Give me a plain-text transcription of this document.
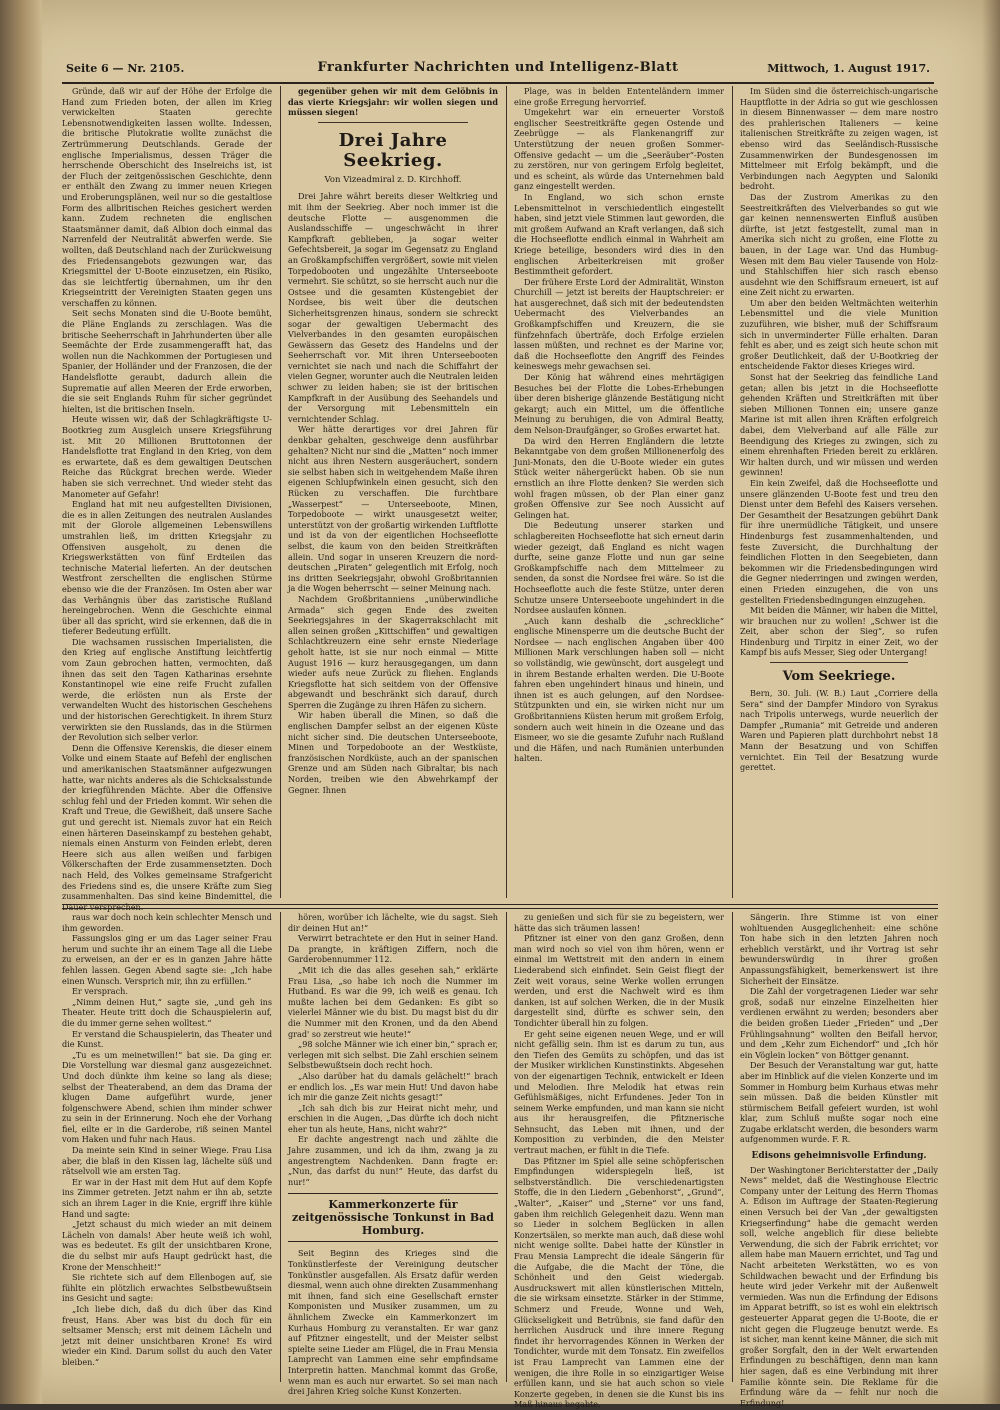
Seite 6 — Nr. 2105.	Frankfurter Nachrichten und Intelligenz-Blatt	Mittwoch, 1. August 1917.

Gründe, daß wir auf der Höhe der Erfolge die Hand zum Frieden boten, der allen im Krieg verwickelten Staaten gerechte Lebensnotwendigkeiten lassen wollte. Indessen, die britische Plutokratie wollte zunächst die Zertrümmerung Deutschlands. Gerade der englische Imperialismus, dessen Träger die herrschende Oberschicht des Inselreichs ist, ist der Fluch der zeitgenössischen Geschichte, denn er enthält den Zwang zu immer neuen Kriegen und Eroberungsplänen, weil nur so die gestaltlose Form des allbritischen Reiches gesichert werden kann. Zudem rechneten die englischen Staatsmänner damit, daß Albion doch einmal das Narrenfeld der Neutralität abwerfen werde. Sie wollten, daß Deutschland nach der Zurückweisung des Friedensangebots gezwungen war, das Kriegsmittel der U-Boote einzusetzen, ein Risiko, das sie leichtfertig übernahmen, um ihr den Kriegseintritt der Vereinigten Staaten gegen uns verschaffen zu können.

Seit sechs Monaten sind die U-Boote bemüht, die Pläne Englands zu zerschlagen. Was die britische Seeherrschaft in Jahrhunderten über alle Seemächte der Erde zusammengerafft hat, das wollen nun die Nachkommen der Portugiesen und Spanier, der Holländer und der Franzosen, die der Handelsflotte geraubt, dadurch allein die Suprematie auf allen Meeren der Erde erworben, die sie seit Englands Ruhm für sicher gegründet hielten, ist die britischen Inseln.

Heute wissen wir, daß der Schlagkräftigste U-Bootkrieg zum Ausgleich unsere Kriegsführung ist. Mit 20 Millionen Bruttotonnen der Handelsflotte trat England in den Krieg, von dem es erwartete, daß es dem gewaltigen Deutschen Reiche das Rückgrat brechen werde. Wieder haben sie sich verrechnet. Und wieder steht das Manometer auf Gefahr!

England hat mit neu aufgestellten Divisionen, die es in allen Zeitungen des neutralen Auslandes mit der Glorole allgemeinen Lebenswillens umstrahlen ließ, im dritten Kriegsjahr zu Offensiven ausgeholt, zu denen die Kriegswerkstätten von fünf Erdteilen das technische Material lieferten. An der deutschen Westfront zerschellten die englischen Stürme ebenso wie die der Französen. Im Osten aber war das Verhängnis über das zaristische Rußland hereingebrochen. Wenn die Geschichte einmal über all das spricht, wird sie erkennen, daß die in tieferer Bedeutung erfüllt.

Die wachsamen russischen Imperialisten, die den Krieg auf englische Anstiftung leichtfertig vom Zaun gebrochen hatten, vermochten, daß ihnen das seit den Tagen Katharinas ersehnte Konstantinopel wie eine reife Frucht zufallen werde, die erlösten nun als Erste der verwandelten Wucht des historischen Geschehens und der historischen Gerechtigkeit. In ihrem Sturz verwirkten sie den Russlands, das in die Stürmen der Revolution sich selber verlor.

Denn die Offensive Kerenskis, die dieser einem Volke und einem Staate auf Befehl der englischen und amerikanischen Staatsmänner aufgezwungen hatte, war nichts anderes als die Schicksalsstunde der kriegführenden Mächte. Aber die Offensive schlug fehl und der Frieden kommt. Wir sehen die Kraft und Treue, die Gewißheit, daß unsere Sache gut und gerecht ist. Niemals zuvor hat ein Reich einen härteren Daseinskampf zu bestehen gehabt, niemals einen Ansturm von Feinden erlebt, deren Heere sich aus allen weißen und farbigen Völkerschaften der Erde zusammensetzten. Doch nach Held, des Volkes gemeinsame Strafgericht des Friedens sind es, die unsere Kräfte zum Sieg zusammenhalten. Das sind keine Bindemittel, die Dauer versprechen.

gegenüber gehen wir mit dem Gelöbnis in das vierte Kriegsjahr: wir wollen siegen und müssen siegen!

Drei Jahre Seekrieg.
Von Vizeadmiral z. D. Kirchhoff.

Drei Jahre währt bereits dieser Weltkrieg und mit ihm der Seekrieg. Aber noch immer ist die deutsche Flotte — ausgenommen die Auslandsschiffe — ungeschwächt in ihrer Kampfkraft geblieben, ja sogar weiter Gefechtsbereit, ja sogar im Gegensatz zu England an Großkampfschiffen vergrößert, sowie mit vielen Torpedobooten und ungezählte Unterseeboote vermehrt. Sie schützt, so sie herrscht auch nur die Ostsee und die gesamten Küstengebiet der Nordsee, bis weit über die deutschen Sicherheitsgrenzen hinaus, sondern sie schreckt sogar der gewaltigen Uebermacht des Vielverbandes in den gesamten europäischen Gewässern das Gesetz des Handelns und der Seeherrschaft vor. Mit ihren Unterseebooten vernichtet sie nach und nach die Schiffahrt der vielen Gegner, worunter auch die Neutralen leiden schwer zu leiden haben; sie ist der britischen Kampfkraft in der Ausübung des Seehandels und der Versorgung mit Lebensmitteln ein vernichtender Schlag.

Wer hätte derartiges vor drei Jahren für denkbar gehalten, geschweige denn ausführbar gehalten? Nicht nur sind die „Matten“ noch immer nicht aus ihren Nestern ausgeräuchert, sondern sie selbst haben sich in weitgehendem Maße ihren eigenen Schlupfwinkeln einen gesucht, sich den Rücken zu verschaffen. Die furchtbare „Wasserpest“ — Unterseeboote, Minen, Torpedoboote — wirkt unausgesetzt weiter, unterstützt von der großartig wirkenden Luftflotte und ist da von der eigentlichen Hochseeflotte selbst, die kaum von den beiden Streitkräften allein. Und sogar in unseren Kreuzern die nord-deutschen „Piraten“ gelegentlich mit Erfolg, noch ins dritten Seekriegsjahr, obwohl Großbritannien ja die Wogen beherrscht — seiner Meinung nach.

Nachdem Großbritanniens „unüberwindliche Armada“ sich gegen Ende des zweiten Seekriegsjahres in der Skagerrakschlacht mit allen seinen großen „Kittschiffen“ und gewaltigen Schlachtkreuzern eine sehr ernste Niederlage geholt hatte, ist sie nur noch einmal — Mitte August 1916 — kurz herausgegangen, um dann wieder aufs neue Zurück zu fliehen. Englands Kriegsflotte hat sich seitdem von der Offensive abgewandt und beschränkt sich darauf, durch Sperren die Zugänge zu ihren Häfen zu sichern.

Wir haben überall die Minen, so daß die englischen Dampfer selbst an der eigenen Küste nicht sicher sind. Die deutschen Unterseeboote, Minen und Torpedoboote an der Westküste, französischen Nordküste, auch an der spanischen Grenze und am Süden nach Gibraltar, bis nach Norden, treiben wie den Abwehrkampf der Gegner. Ihnen

Plage, was in belden Ententeländern immer eine große Erregung hervorrief.

Umgekehrt war ein erneuerter Vorstoß englischer Seestreitkräfte gegen Ostende und Zeebrügge — als Flankenangriff zur Unterstützung der neuen großen Sommer-Offensive gedacht — um die „Seeräuber“-Posten zu zerstören, nur von geringem Erfolg begleitet, und es scheint, als würde das Unternehmen bald ganz eingestellt werden.

In England, wo sich schon ernste Lebensmittelnot in verschiedentlich eingestellt haben, sind jetzt viele Stimmen laut geworden, die mit großem Aufwand an Kraft verlangen, daß sich die Hochseeflotte endlich einmal in Wahrheit am Kriege beteilige, besonders wird dies in den englischen Arbeiterkreisen mit großer Bestimmtheit gefordert.

Der frühere Erste Lord der Admiralität, Winston Churchill — jetzt ist bereits der Hauptschreier: er hat ausgerechnet, daß sich mit der bedeutendsten Uebermacht des Vielverbandes an Großkampfschiffen und Kreuzern, die sie fünfzehnfach überträfe, doch Erfolge erzielen lassen müßten, und rechnet es der Marine vor, daß die Hochseeflotte den Angriff des Feindes keineswegs mehr gewachsen sei.

Der König hat während eines mehrtägigen Besuches bei der Flotte die Lobes-Erhebungen über deren bisherige glänzende Bestätigung nicht gekargt; auch ein Mittel, um die öffentliche Meinung zu beruhigen, die von Admiral Beatty, dem Nelson-Draufgänger, so Großes erwartet hat.

Da wird den Herren Engländern die letzte Bekanntgabe von dem großen Millionenerfolg des Juni-Monats, den die U-Boote wieder ein gutes Stück weiter nähergerückt haben. Ob sie nun ernstlich an ihre Flotte denken? Sie werden sich wohl fragen müssen, ob der Plan einer ganz großen Offensive zur See noch Aussicht auf Gelingen hat.

Die Bedeutung unserer starken und schlagbereiten Hochseeflotte hat sich erneut darin wieder gezeigt, daß England es nicht wagen durfte, seine ganze Flotte und nun gar seine Großkampfschiffe nach dem Mittelmeer zu senden, da sonst die Nordsee frei wäre. So ist die Hochseeflotte auch die feste Stütze, unter deren Schutze unsere Unterseeboote ungehindert in die Nordsee auslaufen können.

„Auch kann deshalb die „schreckliche“ englische Minensperre um die deutsche Bucht der Nordsee — nach englischen Angaben über 400 Millionen Mark verschlungen haben soll — nicht so vollständig, wie gewünscht, dort ausgelegt und in ihrem Bestande erhalten werden. Die U-Boote fahren eben ungehindert hinaus und hinein, und ihnen ist es auch gelungen, auf den Nordsee-Stützpunkten und ein, sie wirken nicht nur um Großbritanniens Küsten herum mit großem Erfolg, sondern auch weit hinein in die Ozeane und das Eismeer, wo sie die gesamte Zufuhr nach Rußland und die Häfen, und nach Rumänien unterbunden halten.

Im Süden sind die österreichisch-ungarische Hauptflotte in der Adria so gut wie geschlossen in diesem Binnenwasser — dem mare nostro des prahlerischen Italieners — keine italienischen Streitkräfte zu zeigen wagen, ist ebenso wird das Seeländisch-Russische Zusammenwirken der Bundesgenossen im Mittelmeer mit Erfolg bekämpft, und die Verbindungen nach Aegypten und Saloniki bedroht.

Das der Zustrom Amerikas zu den Seestreitkräften des Vielverbandes so gut wie gar keinen nennenswerten Einfluß ausüben dürfte, ist jetzt festgestellt, zumal man in Amerika sich nicht zu großen, eine Flotte zu bauen, in der Lage war. Und das Humbug-Wesen mit dem Bau vieler Tausende von Holz- und Stahlschiffen hier sich rasch ebenso ausdehnt wie den Schiffsraum erneuert, ist auf eine Zeit nicht zu erwarten.

Um aber den beiden Weltmächten weiterhin Lebensmittel und die viele Munition zuzuführen, wie bisher, muß der Schiffsraum sich in unverminderter Fülle erhalten. Daran fehlt es aber, und es zeigt sich heute schon mit großer Deutlichkeit, daß der U-Bootkrieg der entscheidende Faktor dieses Krieges wird.

Sonst hat der Seekrieg das feindliche Land getan; allen bis jetzt in die Hochseeflotte gehenden Kräften und Streitkräften mit über sieben Millionen Tonnen ein; unsere ganze Marine ist mit allen ihren Kräften erfolgreich dabei, dem Vielverband auf alle Fälle zur Beendigung des Krieges zu zwingen, sich zu einem ehrenhaften Frieden bereit zu erklären. Wir halten durch, und wir müssen und werden gewinnen!

Ein kein Zweifel, daß die Hochseeflotte und unsere glänzenden U-Boote fest und treu den Dienst unter dem Befehl des Kaisers versehen. Der Gesamtheit der Besatzungen gebührt Dank für ihre unermüdliche Tätigkeit, und unsere Hindenburgs fest zusammenhaltenden, und feste Zuversicht, die Durchhaltung der feindlichen Flotten in den Seegebieten, dann bekommen wir die Friedensbedingungen wird die Gegner niederringen und zwingen werden, einen Frieden einzugehen, die von uns gestellten Friedensbedingungen einzugehen.

Mit beiden die Männer, wir haben die Mittel, wir brauchen nur zu wollen! „Schwer ist die Zeit, aber schon der Sieg“, so rufen Hindenburg und Tirpitz in einer Zeit, wo der Kampf bis aufs Messer, Sieg oder Untergang!

Vom Seekriege.

Bern, 30. Juli. (W. B.) Laut „Corriere della Sera“ sind der Dampfer Mindoro von Syrakus nach Tripolis unterwegs, wurde neuerlich der Dampfer „Rumania“ mit Getreide und anderen Waren und Papieren platt durchbohrt nebst 18 Mann der Besatzung und von Schiffen vernichtet. Ein Teil der Besatzung wurde gerettet.

raus war doch noch kein schlechter Mensch und ihm geworden.

Fassungslos ging er um das Lager seiner Frau herum und suchte ihr an einem Tage all die Liebe zu erweisen, an der er es in ganzen Jahre hätte fehlen lassen. Gegen Abend sagte sie: „Ich habe einen Wunsch. Versprich mir, ihn zu erfüllen.“

Er versprach.

„Nimm deinen Hut,“ sagte sie, „und geh ins Theater. Heute tritt doch die Schauspielerin auf, die du immer gerne sehen wolltest.“

Er verstand die Schauspielerin, das Theater und die Kunst.

„Tu es um meinetwillen!“ bat sie. Da ging er. Die Vorstellung war diesmal ganz ausgezeichnet. Und doch dünkte ihm keine so lang als diese; selbst der Theaterabend, an dem das Drama der klugen Dame aufgeführt wurde, jener folgenschwere Abend, schien ihm minder schwer zu sein in der Erinnerung. Noch ehe der Vorhang fiel, eilte er in die Garderobe, riß seinen Mantel vom Haken und fuhr nach Haus.

Da meinte sein Kind in seiner Wiege. Frau Lisa aber, die blaß in den Kissen lag, lächelte süß und rätselvoll wie am ersten Tag.

Er war in der Hast mit dem Hut auf dem Kopfe ins Zimmer getreten. Jetzt nahm er ihn ab, setzte sich an ihrem Lager in die Knie, ergriff ihre kühle Hand und sagte:

„Jetzt schaust du mich wieder an mit deinem Lächeln von damals! Aber heute weiß ich wohl, was es bedeutet. Es gilt der unsichtbaren Krone, die du selbst mir aufs Haupt gedrückt hast, die Krone der Menschheit!“

Sie richtete sich auf dem Ellenbogen auf, sie fühlte ein plötzlich erwachtes Selbstbewußtsein ins Gesicht und sagte:

„Ich liebe dich, daß du dich über das Kind freust, Hans. Aber was bist du doch für ein seltsamer Mensch; erst mit deinem Lächeln und jetzt mit deiner unsichtbaren Krone! Es wird wieder ein Kind. Darum sollst du auch den Vater bleiben.“

hören, worüber ich lächelte, wie du sagst. Sieh dir deinen Hut an!“

Verwirrt betrachtete er den Hut in seiner Hand. Da prangte, in kräftigen Ziffern, noch die Garderobennummer 112.

„Mit ich die das alles gesehen sah,“ erklärte Frau Lisa, „so habe ich noch die Nummer im Hutband. Es war die 99, ich weiß es genau. Ich mußte lachen bei dem Gedanken: Es gibt so vielerlei Männer wie du bist. Du magst bist du dir die Nummer mit den Kronen, und da den Abend grad' so zerstreut wie heute!“

„98 solche Männer wie ich einer bin,“ sprach er, verlegen mit sich selbst. Die Zahl erschien seinem Selbstbewußtsein doch recht hoch.

„Also darüber hat du damals gelächelt!“ brach er endlich los. „Es war mein Hut! Und davon habe ich mir die ganze Zeit nichts gesagt!“

„Ich sah dich bis zur Heirat nicht mehr, und erschien in die Augen, „Das dürfte ich doch nicht eher tun als heute, Hans, nicht wahr?“

Er dachte angestrengt nach und zählte die Jahre zusammen, und ich da ihm, zwang ja zu angestrengtem Nachdenken. Dann fragte er: „Nun, das darfst du nun!“ Heute, das darfst du nur!“

Kammerkonzerte für zeitgenössische Tonkunst in Bad Homburg.

Seit Beginn des Krieges sind die Tonkünstlerfeste der Vereinigung deutscher Tonkünstler ausgefallen. Als Ersatz dafür werden diesmal, wenn auch ohne direkten Zusammenhang mit ihnen, fand sich eine Gesellschaft ernster Komponisten und Musiker zusammen, um zu ähnlichem Zwecke ein Kammerkonzert im Kurhaus Homburg zu veranstalten. Er war ganz auf Pfitzner eingestellt, und der Meister selbst spielte seine Lieder am Flügel, die in Frau Mensia Lamprecht van Lammen eine sehr empfindsame Interpretin hatten. Manchmal kommt das Große, wenn man es auch nur erwartet. So sei man nach drei Jahren Krieg solche Kunst Konzerten.

zu genießen und sich für sie zu begeistern, wer hätte das sich träumen lassen!

Pfitzner ist einer von den ganz Großen, denn man wird noch so viel von ihm hören, wenn er einmal im Wettstreit mit den andern in einem Liederabend sich einfindet. Sein Geist fliegt der Zeit weit voraus, seine Werke wollen errungen werden, und erst die Nachwelt wird es ihm danken, ist auf solchen Werken, die in der Musik dargestellt sind, dürfte es schwer sein, den Tondichter überall hin zu folgen.

Er geht seine eigenen neuen Wege, und er will nicht gefällig sein. Ihm ist es darum zu tun, aus den Tiefen des Gemüts zu schöpfen, und das ist der Musiker wirklichen Kunstinstinkts. Abgesehen von der eigenartigen Technik, entwickelt er Ideen und Melodien. Ihre Melodik hat etwas rein Gefühlsmäßiges, nicht Erfundenes. Jeder Ton in seinem Werke empfunden, und man kann sie nicht aus ihr herausgreifen, die Pfitznerische Sehnsucht, das Leben mit ihnen, und der Komposition zu verbinden, die den Meister vertraut machen, er fühlt in die Tiefe.

Das Pfitzner im Spiel alle seine schöpferischen Empfindungen widerspiegeln ließ, ist selbstverständlich. Die verschiedenartigsten Stoffe, die in den Liedern „Gebenhorst“, „Grund“, „Walter“, „Kaiser“ und „Sterne“ vor uns fand, gaben ihm reichlich Gelegenheit dazu. Wenn man so Lieder in solchem Beglücken in allen Konzertsälen, so merkte man auch, daß diese wohl nicht wenige sollte. Dabei hatte der Künstler in Frau Mensia Lamprecht die ideale Sängerin für die Aufgabe, die die Macht der Töne, die Schönheit und den Geist wiedergab. Ausdruckswert mit allen künstlerischen Mitteln, die sie wirksam einsetzte. Stärker in der Stimme, Schmerz und Freude, Wonne und Weh, Glückseligkeit und Betrübnis, sie fand dafür den herrlichen Ausdruck und ihre innere Regung findet ihr hervorragendes Können in Werken der Tondichter, wurde mit dem Tonsatz. Ein zweifellos ist Frau Lamprecht van Lammen eine der wenigen, die ihre Rolle in so einzigartiger Weise erfüllen kann, und sie hat auch schon so viele Konzerte gegeben, in denen sie die Kunst bis ins Maß hinaus begabte.

Sängerin. Ihre Stimme ist von einer wohltuenden Ausgeglichenheit: eine schöne Ton habe sich in den letzten Jahren noch erheblich verstärkt, und ihr Vortrag ist sehr bewunderswürdig in ihrer großen Anpassungsfähigkeit, bemerkenswert ist ihre Sicherheit der Einsätze.

Die Zahl der vorgetragenen Lieder war sehr groß, sodaß nur einzelne Einzelheiten hier verdienen erwähnt zu werden; besonders aber die beiden großen Lieder „Frieden“ und „Der Frühlingsahnung“ wollten den Beifall hervor, und dem „Kehr zum Eichendorf“ und „Ich hör ein Vöglein locken“ von Böttger genannt.

Der Besuch der Veranstaltung war gut, hatte aber im Hinblick auf die vielen Konzerte und im Sommer in Homburg beim Kurhaus etwas mehr sein müssen. Daß die beiden Künstler mit stürmischem Beifall gefeiert wurden, ist wohl klar, zum Schluß mußte sogar noch eine Zugabe erklatscht werden, die besonders warm aufgenommen wurde. F. R.

Edisons geheimnisvolle Erfindung.

Der Washingtoner Berichterstatter der „Daily News“ meldet, daß die Westinghouse Electric Company unter der Leitung des Herrn Thomas A. Edison im Auftrage der Staaten-Regierung einen Versuch bei der Van „der gewaltigsten Kriegserfindung“ habe die gemacht werden soll, welche angeblich für diese beliebte Verwendung, die sich der Fabrik errichtet; vor allem habe man Mauern errichtet, und Tag und Nacht arbeiteten Werkstätten, wo es von Schildwachen bewacht und der Erfindung bis heute wird jeder Verkehr mit der Außenwelt vermieden. Was nun die Erfindung der Edisons im Apparat betrifft, so ist es wohl ein elektrisch gesteuerter Apparat gegen die U-Boote, die er nicht gegen die Flugzeuge benutzt werde. Es ist sicher, man kennt keine Männer, die sich mit großer Sorgfalt, den in der Welt erwartenden Erfindungen zu beschäftigen, denn man kann hier sagen, daß es eine Verbindung mit ihrer Familie könnte sein. Die Reklame für die Erfindung wäre da — fehlt nur noch die Erfindung!
